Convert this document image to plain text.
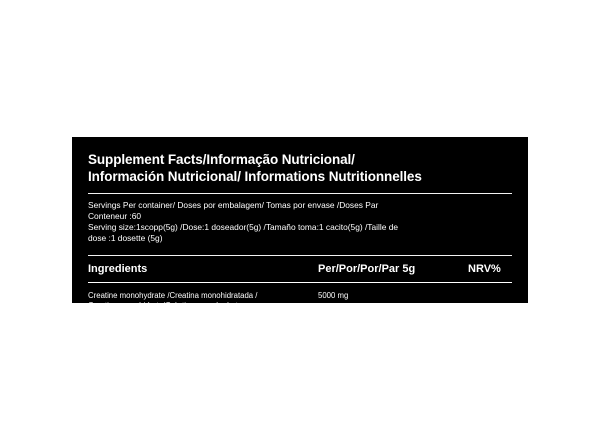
Supplement Facts/Informação Nutricional/
Información Nutricional/ Informations Nutritionnelles
Servings Per container/ Doses por embalagem/ Tomas por envase /Doses Par
Conteneur :60
Serving size:1scopp(5g) /Dose:1 doseador(5g) /Tamaño toma:1 cacito(5g) /Taille de
dose :1 dosette (5g)
Ingredients	Per/Por/Por/Par 5g	NRV%
Creatine monohydrate /Creatina monohidratada /
Creatina monohidrato/Créatine monohydrate
5000 mg
